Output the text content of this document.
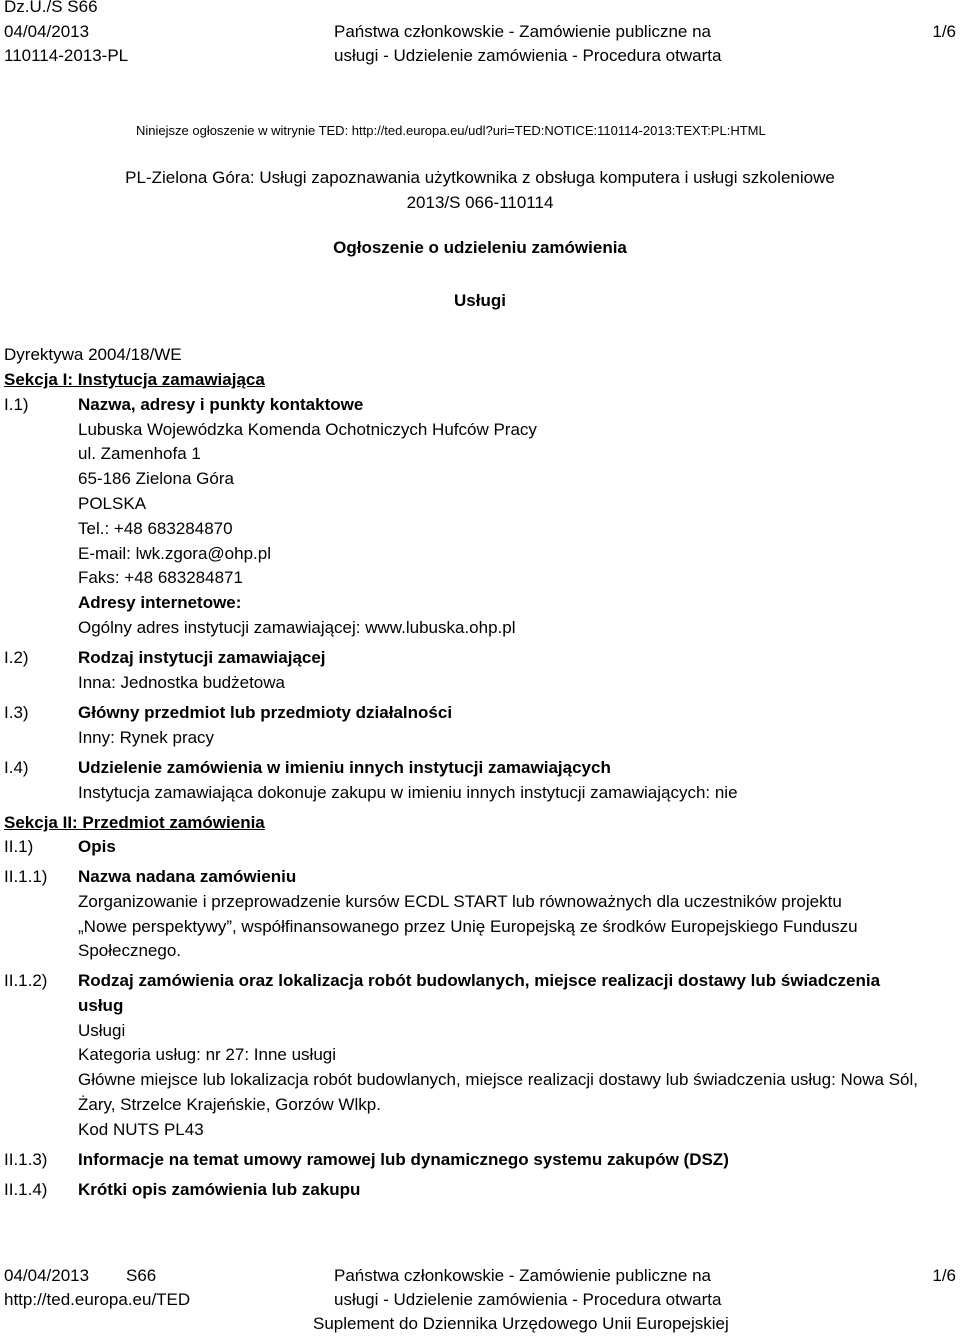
Dz.U./S S66
04/04/2013
110114-2013-PL
Państwa członkowskie - Zamówienie publiczne na
usługi - Udzielenie zamówienia - Procedura otwarta
1/6
Niniejsze ogłoszenie w witrynie TED: http://ted.europa.eu/udl?uri=TED:NOTICE:110114-2013:TEXT:PL:HTML
PL-Zielona Góra: Usługi zapoznawania użytkownika z obsługa komputera i usługi szkoleniowe
2013/S 066-110114
Ogłoszenie o udzieleniu zamówienia
Usługi
Dyrektywa 2004/18/WE
Sekcja I: Instytucja zamawiająca
I.1)	Nazwa, adresy i punkty kontaktowe
Lubuska Wojewódzka Komenda Ochotniczych Hufców Pracy
ul. Zamenhofa 1
65-186 Zielona Góra
POLSKA
Tel.: +48 683284870
E-mail: lwk.zgora@ohp.pl
Faks: +48 683284871
Adresy internetowe:
Ogólny adres instytucji zamawiającej: www.lubuska.ohp.pl
I.2)	Rodzaj instytucji zamawiającej
Inna: Jednostka budżetowa
I.3)	Główny przedmiot lub przedmioty działalności
Inny: Rynek pracy
I.4)	Udzielenie zamówienia w imieniu innych instytucji zamawiających
Instytucja zamawiająca dokonuje zakupu w imieniu innych instytucji zamawiających: nie
Sekcja II: Przedmiot zamówienia
II.1)	Opis
II.1.1) Nazwa nadana zamówieniu
Zorganizowanie i przeprowadzenie kursów ECDL START lub równoważnych dla uczestników projektu
„Nowe perspektywy”, współfinansowanego przez Unię Europejską ze środków Europejskiego Funduszu
Społecznego.
II.1.2) Rodzaj zamówienia oraz lokalizacja robót budowlanych, miejsce realizacji dostawy lub świadczenia
usług
Usługi
Kategoria usług: nr 27: Inne usługi
Główne miejsce lub lokalizacja robót budowlanych, miejsce realizacji dostawy lub świadczenia usług: Nowa Sól,
Żary, Strzelce Krajeńskie, Gorzów Wlkp.
Kod NUTS PL43
II.1.3) Informacje na temat umowy ramowej lub dynamicznego systemu zakupów (DSZ)
II.1.4) Krótki opis zamówienia lub zakupu
04/04/2013 S66
http://ted.europa.eu/TED
Państwa członkowskie - Zamówienie publiczne na
usługi - Udzielenie zamówienia - Procedura otwarta
Suplement do Dziennika Urzędowego Unii Europejskiej
1/6
